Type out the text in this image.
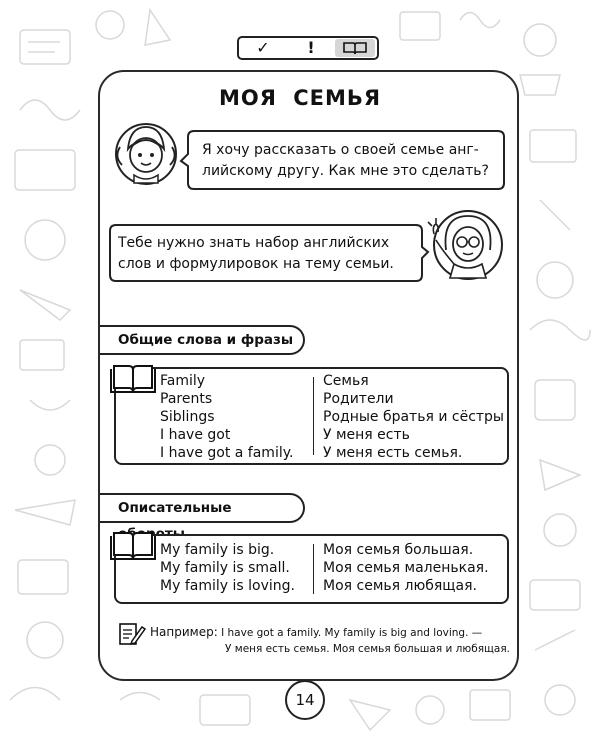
✓	!
МОЯ СЕМЬЯ
Я хочу рассказать о своей семье анг-
лийскому другу. Как мне это сделать?
Тебе нужно знать набор английских
слов и формулировок на тему семьи.
Общие слова и фразы
Family
Parents
Siblings
I have got
I have got a family.
Семья
Родители
Родные братья и сёстры
У меня есть
У меня есть семья.
Описательные
My family is big.
My family is small.
My family is loving.
Моя семья большая.
Моя семья маленькая.
Моя семья любящая.
Например: I have got a family. My family is big and loving. —
У меня есть семья. Моя семья большая и любящая.
14
